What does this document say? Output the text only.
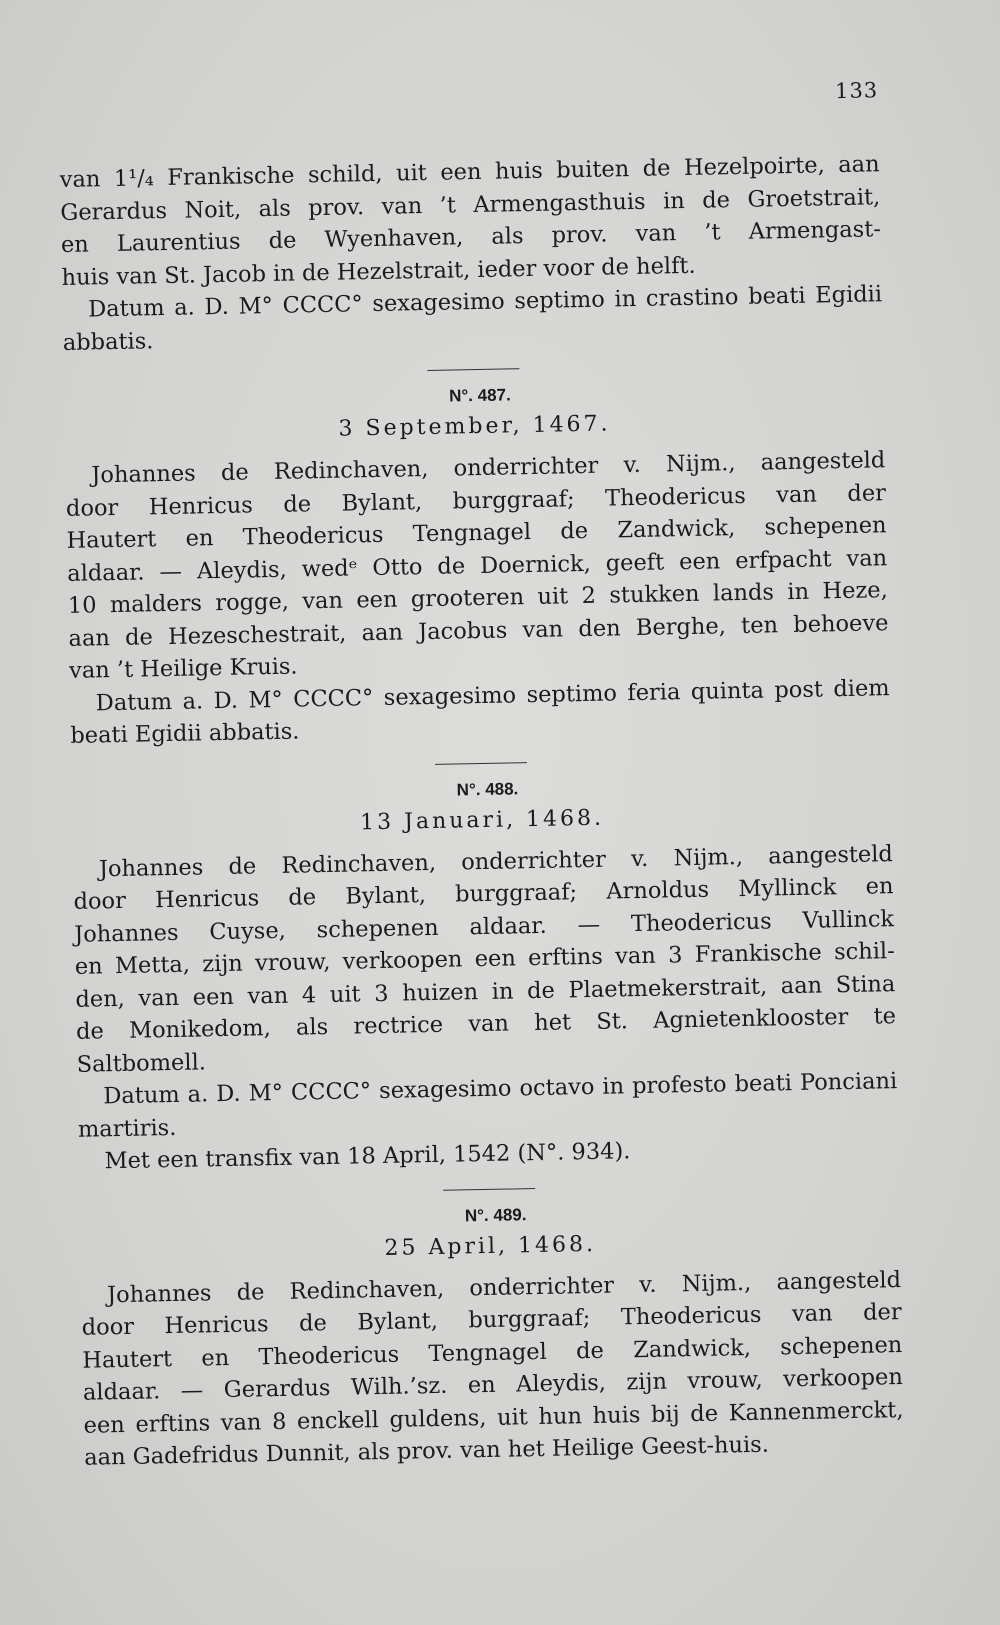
133
van 1¹/₄ Frankische schild, uit een huis buiten de Hezelpoirte, aan
Gerardus Noit, als prov. van ’t Armengasthuis in de Groetstrait,
en Laurentius de Wyenhaven, als prov. van ’t Armengast-
huis van St. Jacob in de Hezelstrait, ieder voor de helft.
Datum a. D. M° CCCC° sexagesimo septimo in crastino beati Egidii
abbatis.
N°. 487.
3 September, 1467.
Johannes de Redinchaven, onderrichter v. Nijm., aangesteld
door Henricus de Bylant, burggraaf; Theodericus van der
Hautert en Theodericus Tengnagel de Zandwick, schepenen
aldaar. — Aleydis, wedᵉ Otto de Doernick, geeft een erfpacht van
10 malders rogge, van een grooteren uit 2 stukken lands in Heze,
aan de Hezeschestrait, aan Jacobus van den Berghe, ten behoeve
van ’t Heilige Kruis.
Datum a. D. M° CCCC° sexagesimo septimo feria quinta post diem
beati Egidii abbatis.
N°. 488.
13 Januari, 1468.
Johannes de Redinchaven, onderrichter v. Nijm., aangesteld
door Henricus de Bylant, burggraaf; Arnoldus Myllinck en
Johannes Cuyse, schepenen aldaar. — Theodericus Vullinck
en Metta, zijn vrouw, verkoopen een erftins van 3 Frankische schil-
den, van een van 4 uit 3 huizen in de Plaetmekerstrait, aan Stina
de Monikedom, als rectrice van het St. Agnietenklooster te
Saltbomell.
Datum a. D. M° CCCC° sexagesimo octavo in profesto beati Ponciani
martiris.
Met een transfix van 18 April, 1542 (N°. 934).
N°. 489.
25 April, 1468.
Johannes de Redinchaven, onderrichter v. Nijm., aangesteld
door Henricus de Bylant, burggraaf; Theodericus van der
Hautert en Theodericus Tengnagel de Zandwick, schepenen
aldaar. — Gerardus Wilh.’sz. en Aleydis, zijn vrouw, verkoopen
een erftins van 8 enckell guldens, uit hun huis bij de Kannenmerckt,
aan Gadefridus Dunnit, als prov. van het Heilige Geest-huis.
